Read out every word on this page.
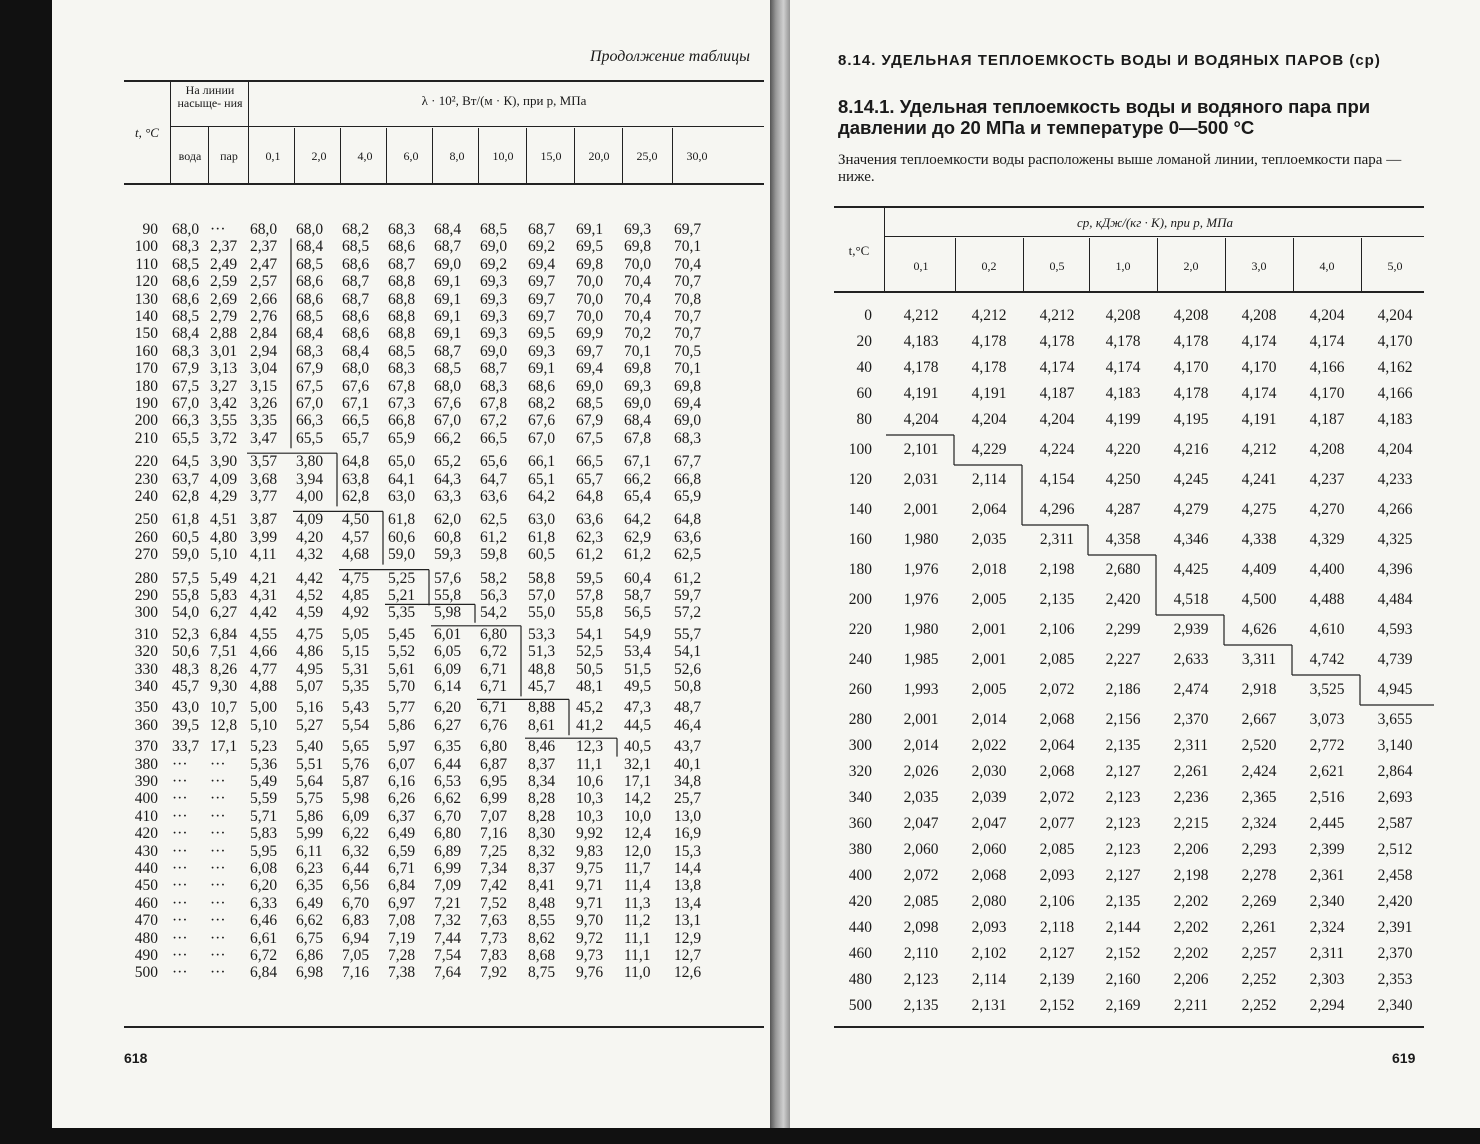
Продолжение таблицы
t, °C
На линии насыще- ния	λ · 10², Вт/(м · К), при p, МПа
вода	пар	0,1	2,0	4,0	6,0	8,0	10,0	15,0	20,0	25,0	30,0
90 68,0 ··· 68,0 68,0 68,2 68,3 68,4 68,5 68,7 69,1 69,3 69,7
100 68,3 2,37 2,37 68,4 68,5 68,6 68,7 69,0 69,2 69,5 69,8 70,1
110 68,5 2,49 2,47 68,5 68,6 68,7 69,0 69,2 69,4 69,8 70,0 70,4
120 68,6 2,59 2,57 68,6 68,7 68,8 69,1 69,3 69,7 70,0 70,4 70,7
130 68,6 2,69 2,66 68,6 68,7 68,8 69,1 69,3 69,7 70,0 70,4 70,8
140 68,5 2,79 2,76 68,5 68,6 68,8 69,1 69,3 69,7 70,0 70,4 70,7
150 68,4 2,88 2,84 68,4 68,6 68,8 69,1 69,3 69,5 69,9 70,2 70,7
160 68,3 3,01 2,94 68,3 68,4 68,5 68,7 69,0 69,3 69,7 70,1 70,5
170 67,9 3,13 3,04 67,9 68,0 68,3 68,5 68,7 69,1 69,4 69,8 70,1
180 67,5 3,27 3,15 67,5 67,6 67,8 68,0 68,3 68,6 69,0 69,3 69,8
190 67,0 3,42 3,26 67,0 67,1 67,3 67,6 67,8 68,2 68,5 69,0 69,4
200 66,3 3,55 3,35 66,3 66,5 66,8 67,0 67,2 67,6 67,9 68,4 69,0
210 65,5 3,72 3,47 65,5 65,7 65,9 66,2 66,5 67,0 67,5 67,8 68,3
220 64,5 3,90 3,57 3,80 64,8 65,0 65,2 65,6 66,1 66,5 67,1 67,7
230 63,7 4,09 3,68 3,94 63,8 64,1 64,3 64,7 65,1 65,7 66,2 66,8
240 62,8 4,29 3,77 4,00 62,8 63,0 63,3 63,6 64,2 64,8 65,4 65,9
250 61,8 4,51 3,87 4,09 4,50 61,8 62,0 62,5 63,0 63,6 64,2 64,8
260 60,5 4,80 3,99 4,20 4,57 60,6 60,8 61,2 61,8 62,3 62,9 63,6
270 59,0 5,10 4,11 4,32 4,68 59,0 59,3 59,8 60,5 61,2 61,2 62,5
280 57,5 5,49 4,21 4,42 4,75 5,25 57,6 58,2 58,8 59,5 60,4 61,2
290 55,8 5,83 4,31 4,52 4,85 5,21 55,8 56,3 57,0 57,8 58,7 59,7
300 54,0 6,27 4,42 4,59 4,92 5,35 5,98 54,2 55,0 55,8 56,5 57,2
310 52,3 6,84 4,55 4,75 5,05 5,45 6,01 6,80 53,3 54,1 54,9 55,7
320 50,6 7,51 4,66 4,86 5,15 5,52 6,05 6,72 51,3 52,5 53,4 54,1
330 48,3 8,26 4,77 4,95 5,31 5,61 6,09 6,71 48,8 50,5 51,5 52,6
340 45,7 9,30 4,88 5,07 5,35 5,70 6,14 6,71 45,7 48,1 49,5 50,8
350 43,0 10,7 5,00 5,16 5,43 5,77 6,20 6,71 8,88 45,2 47,3 48,7
360 39,5 12,8 5,10 5,27 5,54 5,86 6,27 6,76 8,61 41,2 44,5 46,4
370 33,7 17,1 5,23 5,40 5,65 5,97 6,35 6,80 8,46 12,3 40,5 43,7
380 ··· ··· 5,36 5,51 5,76 6,07 6,44 6,87 8,37 11,1 32,1 40,1
390 ··· ··· 5,49 5,64 5,87 6,16 6,53 6,95 8,34 10,6 17,1 34,8
400 ··· ··· 5,59 5,75 5,98 6,26 6,62 6,99 8,28 10,3 14,2 25,7
410 ··· ··· 5,71 5,86 6,09 6,37 6,70 7,07 8,28 10,3 10,0 13,0
420 ··· ··· 5,83 5,99 6,22 6,49 6,80 7,16 8,30 9,92 12,4 16,9
430 ··· ··· 5,95 6,11 6,32 6,59 6,89 7,25 8,32 9,83 12,0 15,3
440 ··· ··· 6,08 6,23 6,44 6,71 6,99 7,34 8,37 9,75 11,7 14,4
450 ··· ··· 6,20 6,35 6,56 6,84 7,09 7,42 8,41 9,71 11,4 13,8
460 ··· ··· 6,33 6,49 6,70 6,97 7,21 7,52 8,48 9,71 11,3 13,4
470 ··· ··· 6,46 6,62 6,83 7,08 7,32 7,63 8,55 9,70 11,2 13,1
480 ··· ··· 6,61 6,75 6,94 7,19 7,44 7,73 8,62 9,72 11,1 12,9
490 ··· ··· 6,72 6,86 7,05 7,28 7,54 7,83 8,68 9,73 11,1 12,7
500 ··· ··· 6,84 6,98 7,16 7,38 7,64 7,92 8,75 9,76 11,0 12,6
618
8.14. УДЕЛЬНАЯ ТЕПЛОЕМКОСТЬ ВОДЫ И ВОДЯНЫХ ПАРОВ (cp)
8.14.1. Удельная теплоемкость воды и водяного пара при давлении до 20 МПа и температуре 0—500 °C
Значения теплоемкости воды расположены выше ломаной линии, теплоемкости пара — ниже.
t,°C
cp, кДж/(кг · К), при p, МПа
0,1	0,2	0,5	1,0	2,0	3,0	4,0	5,0
0	4,212	4,212	4,212	4,208	4,208	4,208	4,204	4,204
20	4,183	4,178	4,178	4,178	4,178	4,174	4,174	4,170
40	4,178	4,178	4,174	4,174	4,170	4,170	4,166	4,162
60	4,191	4,191	4,187	4,183	4,178	4,174	4,170	4,166
80	4,204	4,204	4,204	4,199	4,195	4,191	4,187	4,183
100	2,101	4,229	4,224	4,220	4,216	4,212	4,208	4,204
120	2,031	2,114	4,154	4,250	4,245	4,241	4,237	4,233
140	2,001	2,064	4,296	4,287	4,279	4,275	4,270	4,266
160	1,980	2,035	2,311	4,358	4,346	4,338	4,329	4,325
180	1,976	2,018	2,198	2,680	4,425	4,409	4,400	4,396
200	1,976	2,005	2,135	2,420	4,518	4,500	4,488	4,484
220	1,980	2,001	2,106	2,299	2,939	4,626	4,610	4,593
240	1,985	2,001	2,085	2,227	2,633	3,311	4,742	4,739
260	1,993	2,005	2,072	2,186	2,474	2,918	3,525	4,945
280	2,001	2,014	2,068	2,156	2,370	2,667	3,073	3,655
300	2,014	2,022	2,064	2,135	2,311	2,520	2,772	3,140
320	2,026	2,030	2,068	2,127	2,261	2,424	2,621	2,864
340	2,035	2,039	2,072	2,123	2,236	2,365	2,516	2,693
360	2,047	2,047	2,077	2,123	2,215	2,324	2,445	2,587
380	2,060	2,060	2,085	2,123	2,206	2,293	2,399	2,512
400	2,072	2,068	2,093	2,127	2,198	2,278	2,361	2,458
420	2,085	2,080	2,106	2,135	2,202	2,269	2,340	2,420
440	2,098	2,093	2,118	2,144	2,202	2,261	2,324	2,391
460	2,110	2,102	2,127	2,152	2,202	2,257	2,311	2,370
480	2,123	2,114	2,139	2,160	2,206	2,252	2,303	2,353
500	2,135	2,131	2,152	2,169	2,211	2,252	2,294	2,340
619
